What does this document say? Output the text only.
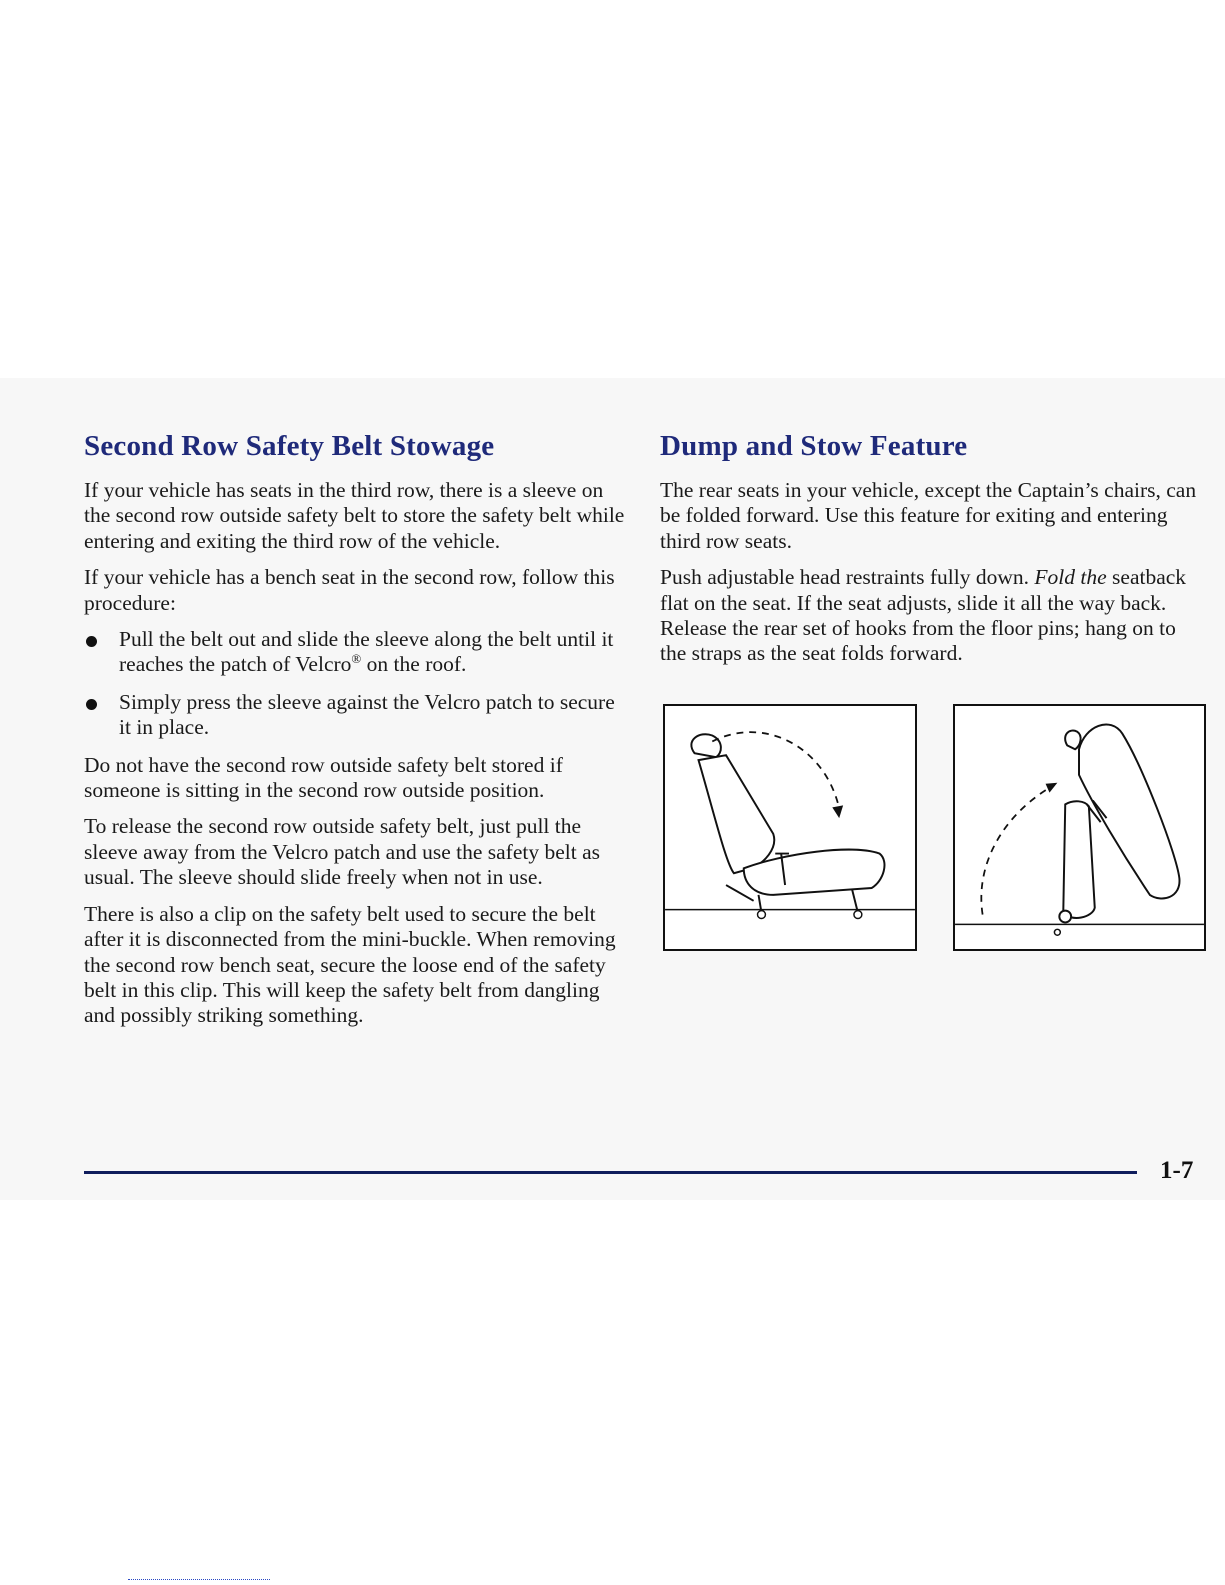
Second Row Safety Belt Stowage	Dump and Stow Feature

If your vehicle has seats in the third row, there is a sleeve on the second row outside safety belt to store the safety belt while entering and exiting the third row of the vehicle.

If your vehicle has a bench seat in the second row, follow this procedure:

Pull the belt out and slide the sleeve along the belt until it reaches the patch of Velcro® on the roof.
Simply press the sleeve against the Velcro patch to secure it in place.

Do not have the second row outside safety belt stored if someone is sitting in the second row outside position.

To release the second row outside safety belt, just pull the sleeve away from the Velcro patch and use the safety belt as usual. The sleeve should slide freely when not in use.

There is also a clip on the safety belt used to secure the belt after it is disconnected from the mini-buckle. When removing the second row bench seat, secure the loose end of the safety belt in this clip. This will keep the safety belt from dangling and possibly striking something.

The rear seats in your vehicle, except the Captain’s chairs, can be folded forward. Use this feature for exiting and entering third row seats.

Push adjustable head restraints fully down. Fold the seatback flat on the seat. If the seat adjusts, slide it all the way back. Release the rear set of hooks from the floor pins; hang on to the straps as the seat folds forward.

1-7
